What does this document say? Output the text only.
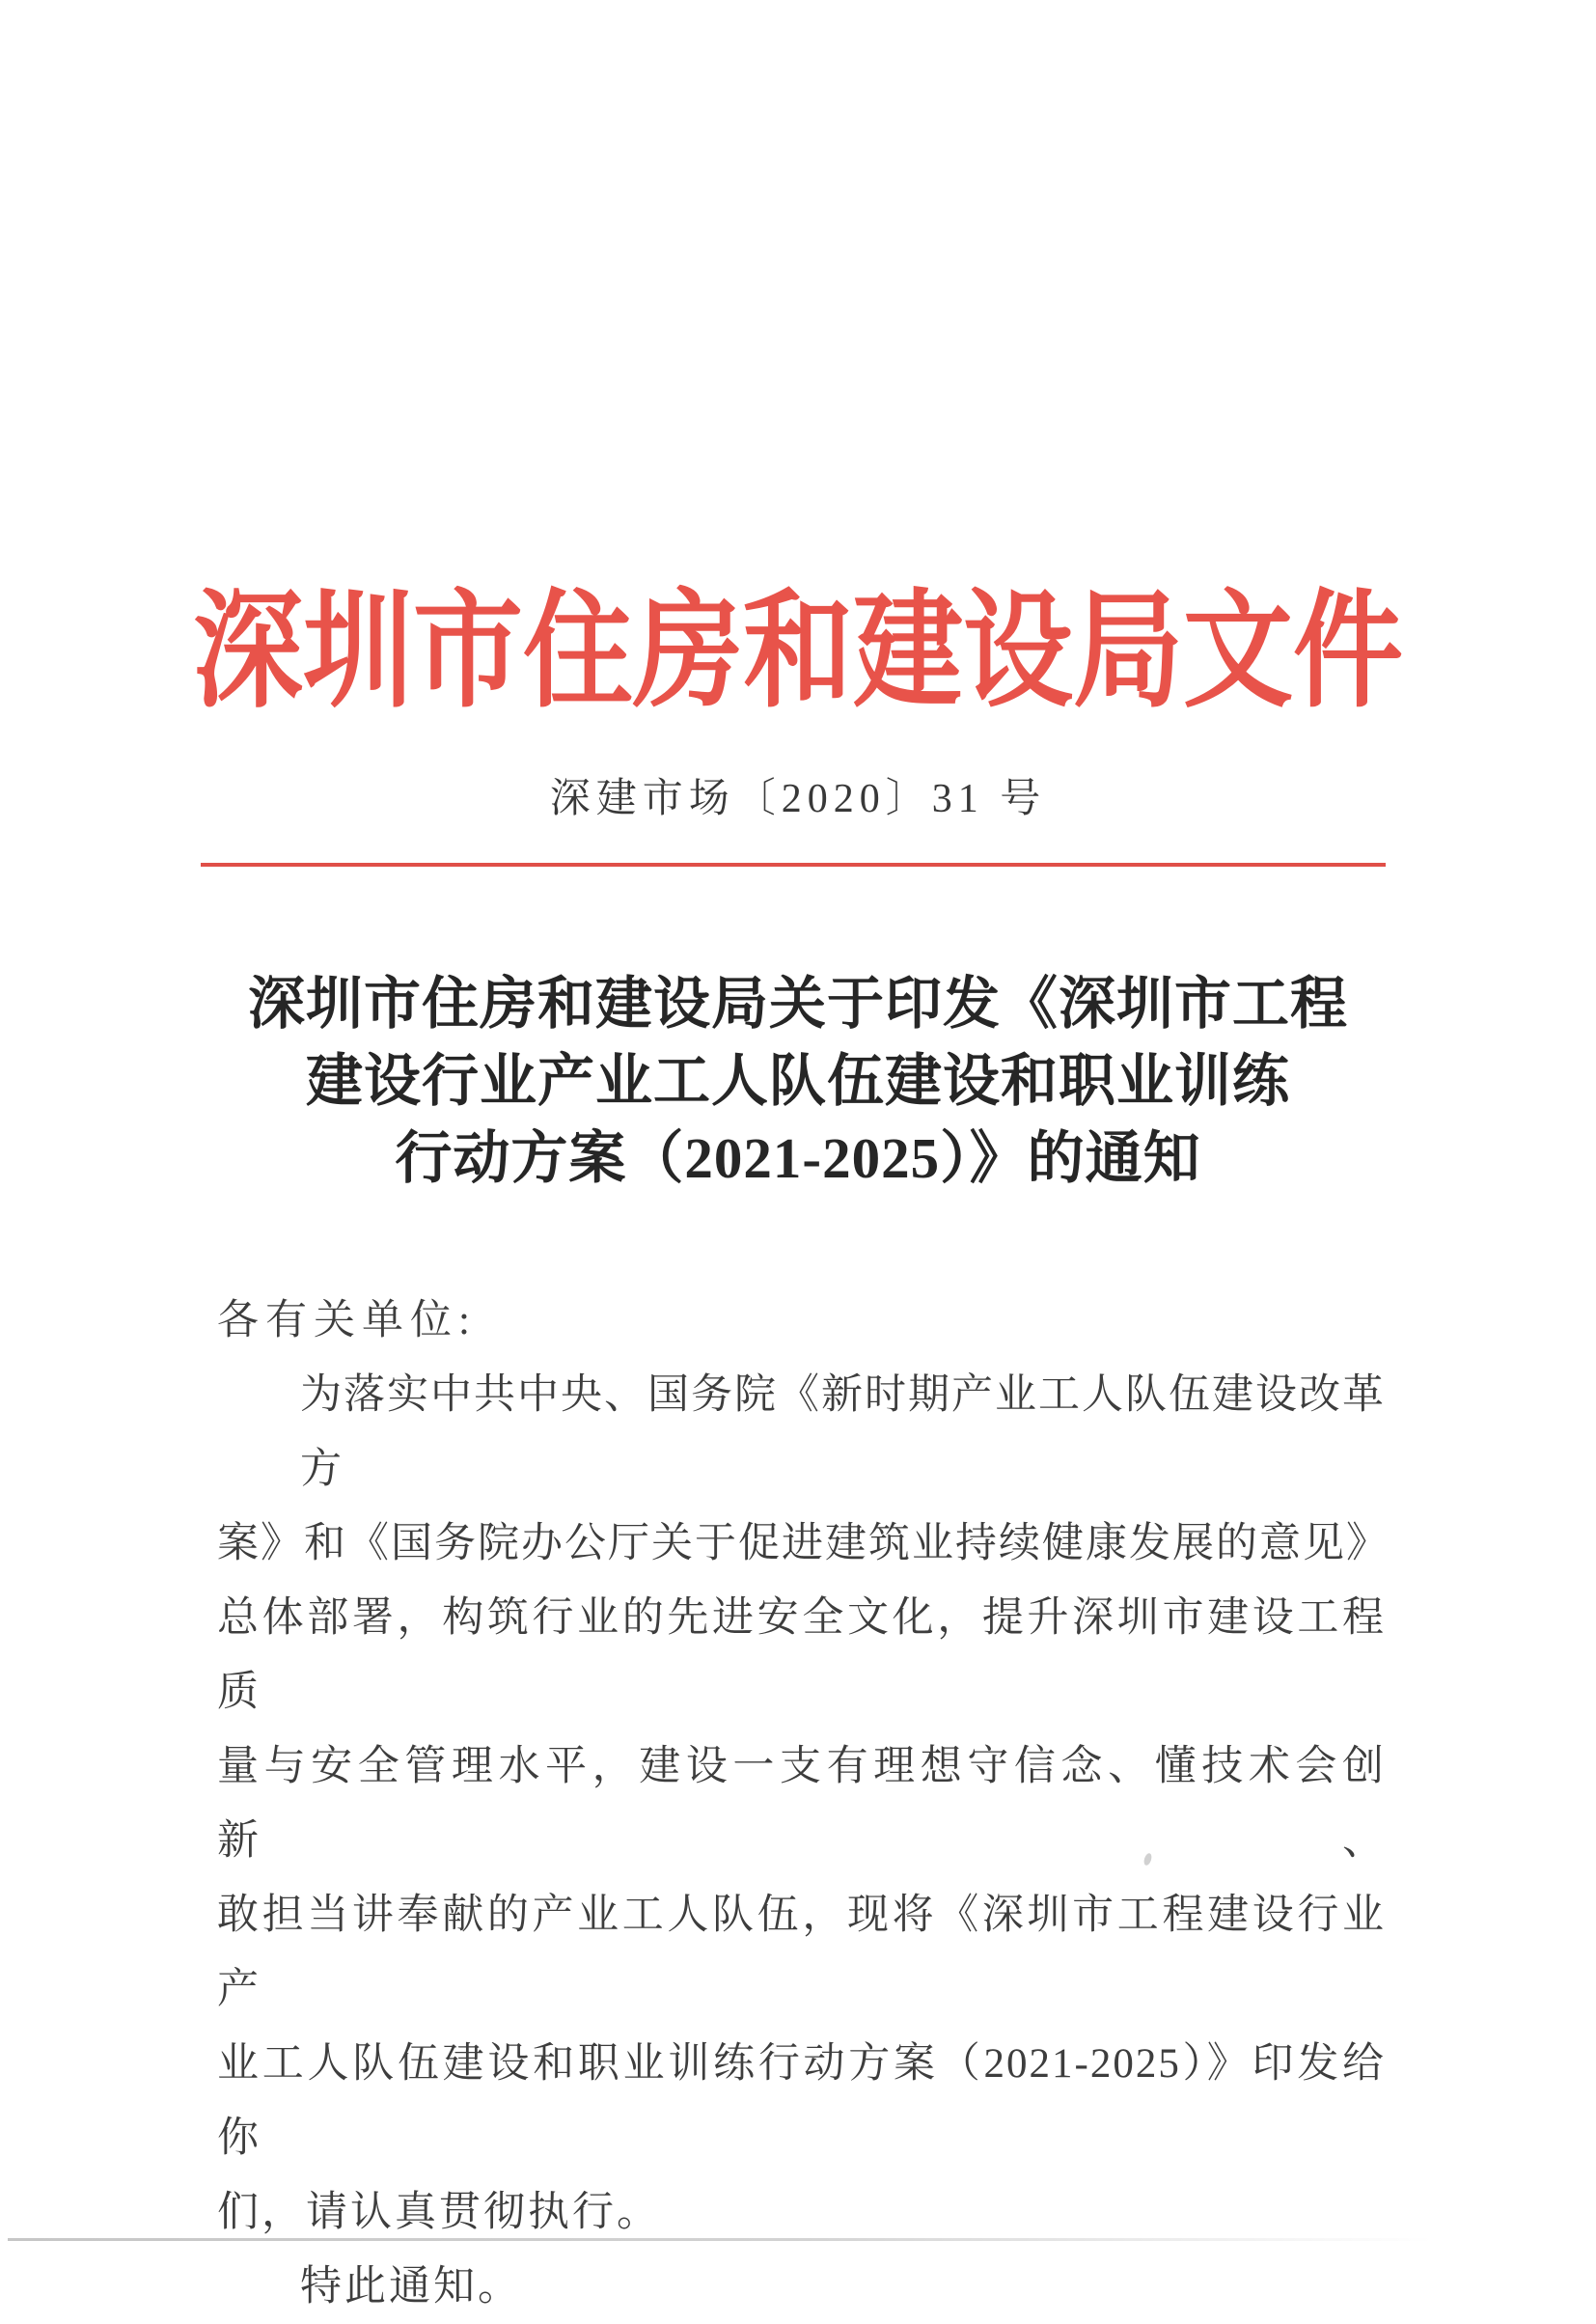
深圳市住房和建设局文件
深建市场〔2020〕31 号
深圳市住房和建设局关于印发《深圳市工程
建设行业产业工人队伍建设和职业训练
行动方案（2021-2025）》的通知
各有关单位:
为落实中共中央、国务院《新时期产业工人队伍建设改革方
案》和《国务院办公厅关于促进建筑业持续健康发展的意见》
总体部署，构筑行业的先进安全文化，提升深圳市建设工程质
量与安全管理水平，建设一支有理想守信念、懂技术会创新、
敢担当讲奉献的产业工人队伍，现将《深圳市工程建设行业产
业工人队伍建设和职业训练行动方案（2021-2025）》印发给你
们，请认真贯彻执行。
特此通知。
